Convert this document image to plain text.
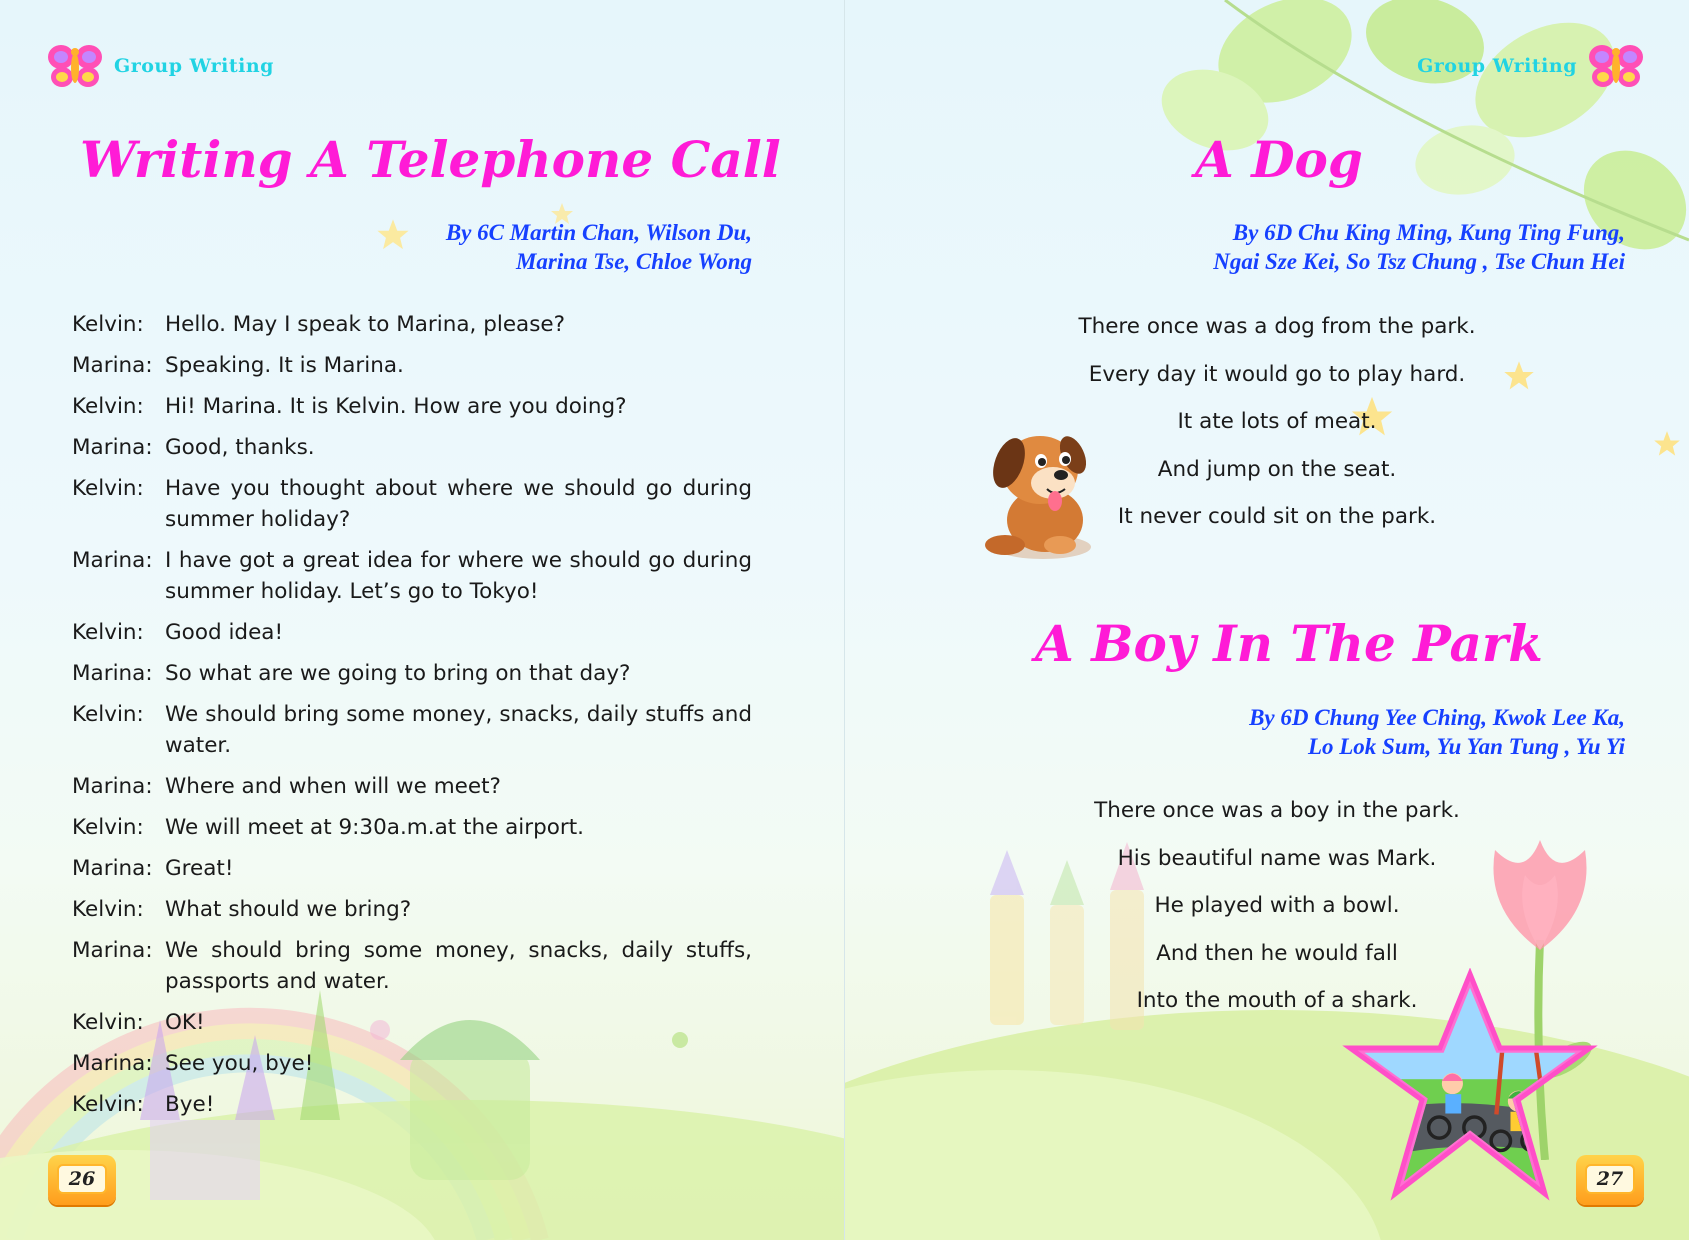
Group Writing
Writing A Telephone Call
By 6C Martin Chan, Wilson Du,
Marina Tse, Chloe Wong
Kelvin: Hello. May I speak to Marina, please?
Marina: Speaking. It is Marina.
Kelvin: Hi! Marina. It is Kelvin. How are you doing?
Marina: Good, thanks.
Kelvin: Have you thought about where we should go during summer holiday?
Marina: I have got a great idea for where we should go during summer holiday. Let’s go to Tokyo!
Kelvin: Good idea!
Marina: So what are we going to bring on that day?
Kelvin: We should bring some money, snacks, daily stuffs and water.
Marina: Where and when will we meet?
Kelvin: We will meet at 9:30a.m.at the airport.
Marina: Great!
Kelvin: What should we bring?
Marina: We should bring some money, snacks, daily stuffs, passports and water.
Kelvin: OK!
Marina: See you, bye!
Kelvin: Bye!
26
Group Writing
A Dog
By 6D Chu King Ming, Kung Ting Fung,
Ngai Sze Kei, So Tsz Chung , Tse Chun Hei
There once was a dog from the park.
Every day it would go to play hard.
It ate lots of meat.
And jump on the seat.
It never could sit on the park.
A Boy In The Park
By 6D Chung Yee Ching, Kwok Lee Ka,
Lo Lok Sum, Yu Yan Tung , Yu Yi
There once was a boy in the park.
His beautiful name was Mark.
He played with a bowl.
And then he would fall
Into the mouth of a shark.
27
